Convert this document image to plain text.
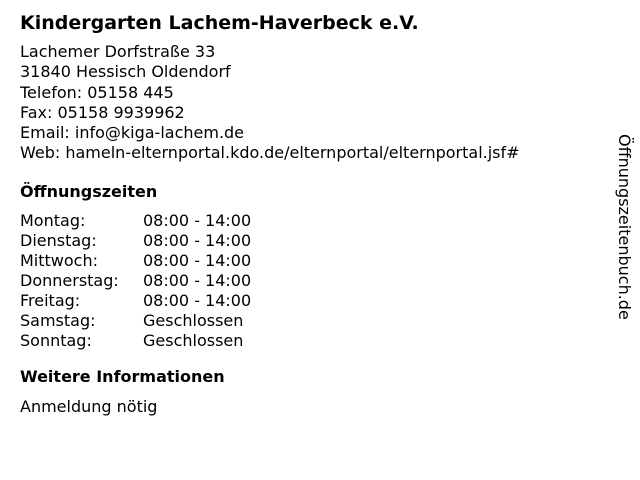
Kindergarten Lachem-Haverbeck e.V.
Lachemer Dorfstraße 33
31840 Hessisch Oldendorf
Telefon: 05158 445
Fax: 05158 9939962
Email: info@kiga-lachem.de
Web: hameln-elternportal.kdo.de/elternportal/elternportal.jsf#
Öffnungszeiten
Montag:	08:00 - 14:00
Dienstag:	08:00 - 14:00
Mittwoch:	08:00 - 14:00
Donnerstag:	08:00 - 14:00
Freitag:	08:00 - 14:00
Samstag:	Geschlossen
Sonntag:	Geschlossen
Weitere Informationen
Anmeldung nötig
Öffnungszeitenbuch.de
